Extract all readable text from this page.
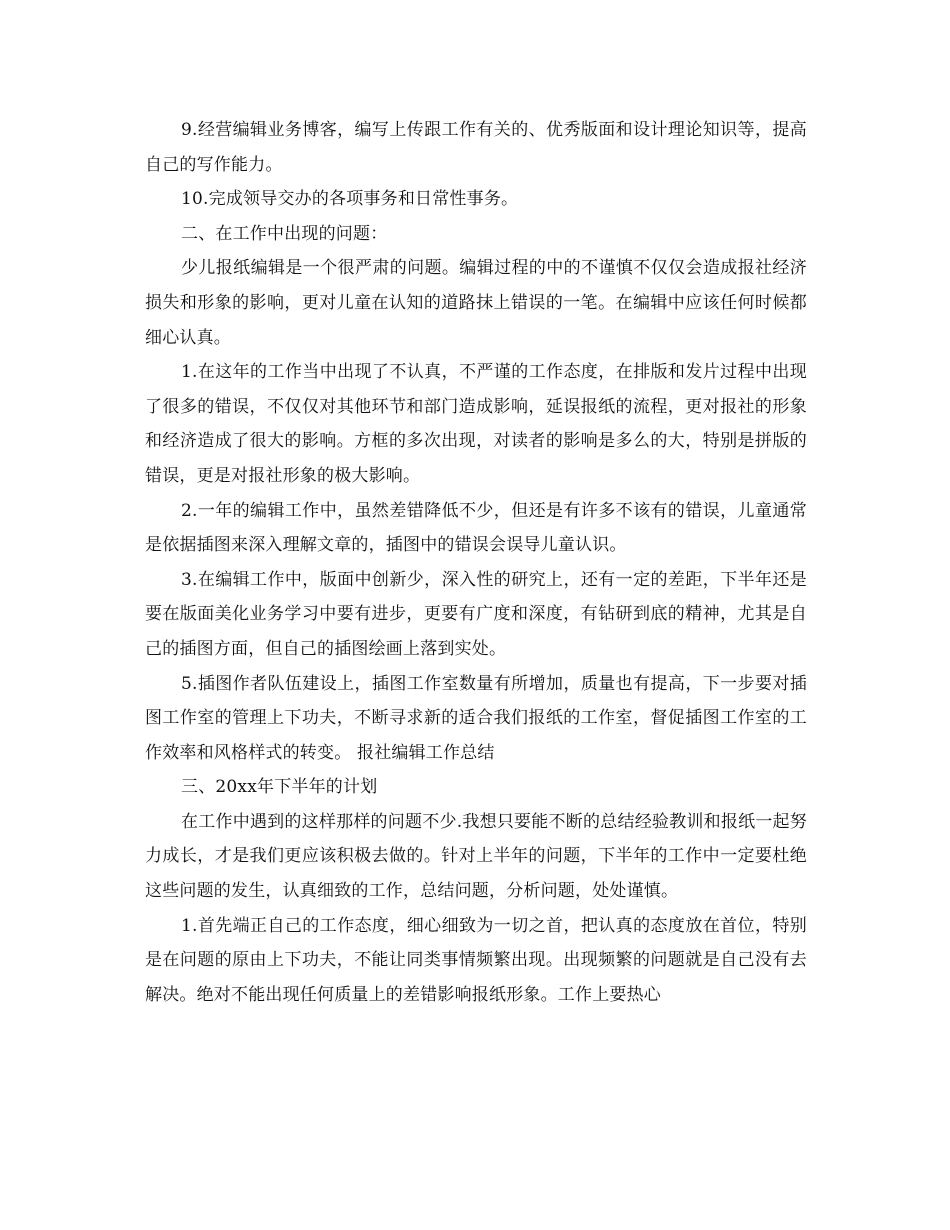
9.经营编辑业务博客，编写上传跟工作有关的、优秀版面和设计理论知识等，提高自己的写作能力。

10.完成领导交办的各项事务和日常性事务。

二、在工作中出现的问题：

少儿报纸编辑是一个很严肃的问题。编辑过程的中的不谨慎不仅仅会造成报社经济损失和形象的影响，更对儿童在认知的道路抹上错误的一笔。在编辑中应该任何时候都细心认真。

1.在这年的工作当中出现了不认真，不严谨的工作态度，在排版和发片过程中出现了很多的错误，不仅仅对其他环节和部门造成影响，延误报纸的流程，更对报社的形象和经济造成了很大的影响。方框的多次出现，对读者的影响是多么的大，特别是拼版的错误，更是对报社形象的极大影响。

2.一年的编辑工作中，虽然差错降低不少，但还是有许多不该有的错误，儿童通常是依据插图来深入理解文章的，插图中的错误会误导儿童认识。

3.在编辑工作中，版面中创新少，深入性的研究上，还有一定的差距，下半年还是要在版面美化业务学习中要有进步，更要有广度和深度，有钻研到底的精神，尤其是自己的插图方面，但自己的插图绘画上落到实处。

5.插图作者队伍建设上，插图工作室数量有所增加，质量也有提高，下一步要对插图工作室的管理上下功夫，不断寻求新的适合我们报纸的工作室，督促插图工作室的工作效率和风格样式的转变。 报社编辑工作总结

三、20xx年下半年的计划

在工作中遇到的这样那样的问题不少.我想只要能不断的总结经验教训和报纸一起努力成长，才是我们更应该积极去做的。针对上半年的问题，下半年的工作中一定要杜绝这些问题的发生，认真细致的工作，总结问题，分析问题，处处谨慎。

1.首先端正自己的工作态度，细心细致为一切之首，把认真的态度放在首位，特别是在问题的原由上下功夫，不能让同类事情频繁出现。出现频繁的问题就是自己没有去解决。绝对不能出现任何质量上的差错影响报纸形象。工作上要热心
